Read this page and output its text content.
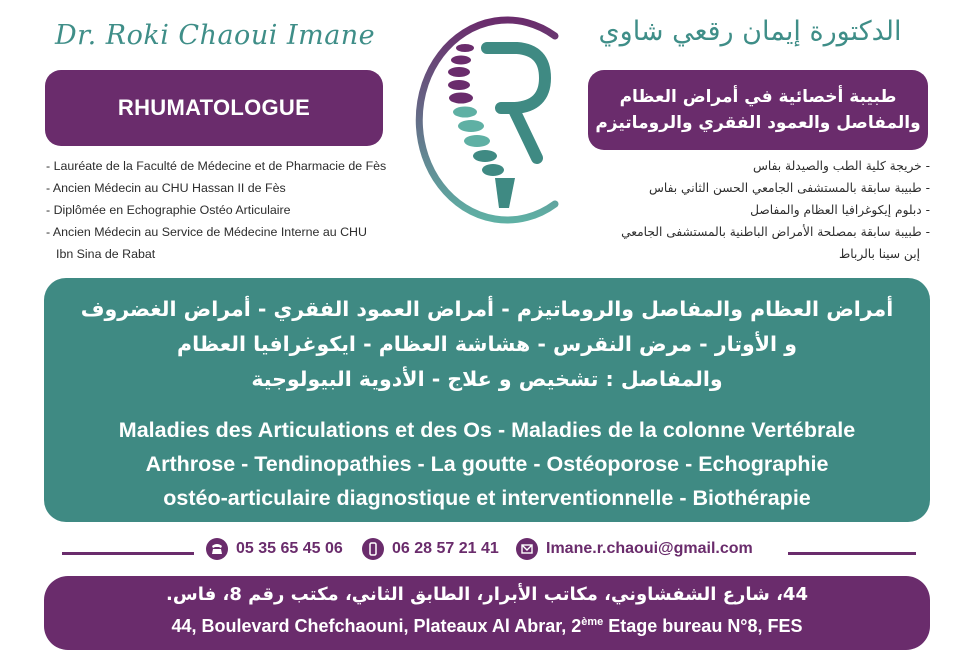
Dr. Roki Chaoui Imane	الدكتورة إيمان رقعي شاوي
RHUMATOLOGUE	طبيبة أخصائية في أمراض العظام
والمفاصل والعمود الفقري والروماتيزم
- Lauréate de la Faculté de Médecine et de Pharmacie de Fès
- Ancien Médecin au CHU Hassan II de Fès
- Diplômée en Echographie Ostéo Articulaire
- Ancien Médecin au Service de Médecine Interne au CHU
Ibn Sina de Rabat
- خريجة كلية الطب والصيدلة بفاس
- طبيبة سابقة بالمستشفى الجامعي الحسن الثاني بفاس
- دبلوم إيكوغرافيا العظام والمفاصل
- طبيبة سابقة بمصلحة الأمراض الباطنية بالمستشفى الجامعي
إبن سينا بالرباط
أمراض العظام والمفاصل والروماتيزم - أمراض العمود الفقري - أمراض الغضروف
و الأوتار - مرض النقرس - هشاشة العظام - ايكوغرافيا العظام
والمفاصل : تشخيص و علاج - الأدوية البيولوجية
Maladies des Articulations et des Os - Maladies de la colonne Vertébrale
Arthrose - Tendinopathies - La goutte - Ostéoporose - Echographie
ostéo-articulaire diagnostique et interventionnelle - Biothérapie
05 35 65 45 06	06 28 57 21 41	Imane.r.chaoui@gmail.com
44، شارع الشفشاوني، مكاتب الأبرار، الطابق الثاني، مكتب رقم 8، فاس.
44, Boulevard Chefchaouni, Plateaux Al Abrar, 2ème Etage bureau N°8, FES
